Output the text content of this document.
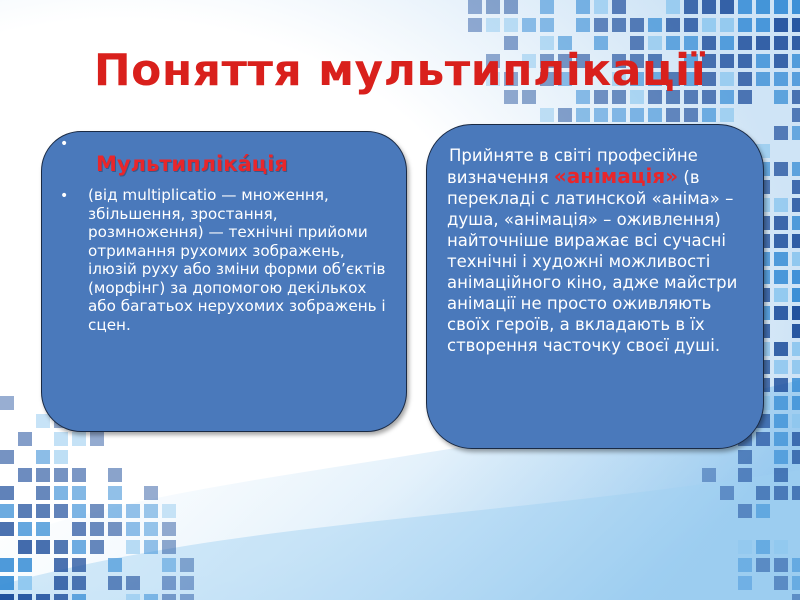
Поняття мультиплікації
•
Мультипліка́ція
•	(від multiplicatio — множення, збільшення, зростання, розмноження) — технічні прийоми отримання рухомих зображень, ілюзій руху або зміни форми об’єктів (морфінг) за допомогою декількох або багатьох нерухомих зображень і сцен.
Прийняте в світі професійне визначення «анімація» (в перекладі с латинской «аніма» – душа, «анімація» – оживлення) найточніше виражає всі сучасні технічні і художні можливості анімаційного кіно, адже майстри анімації не просто оживляють своїх героїв, а вкладають в їх створення часточку своєї душі.
